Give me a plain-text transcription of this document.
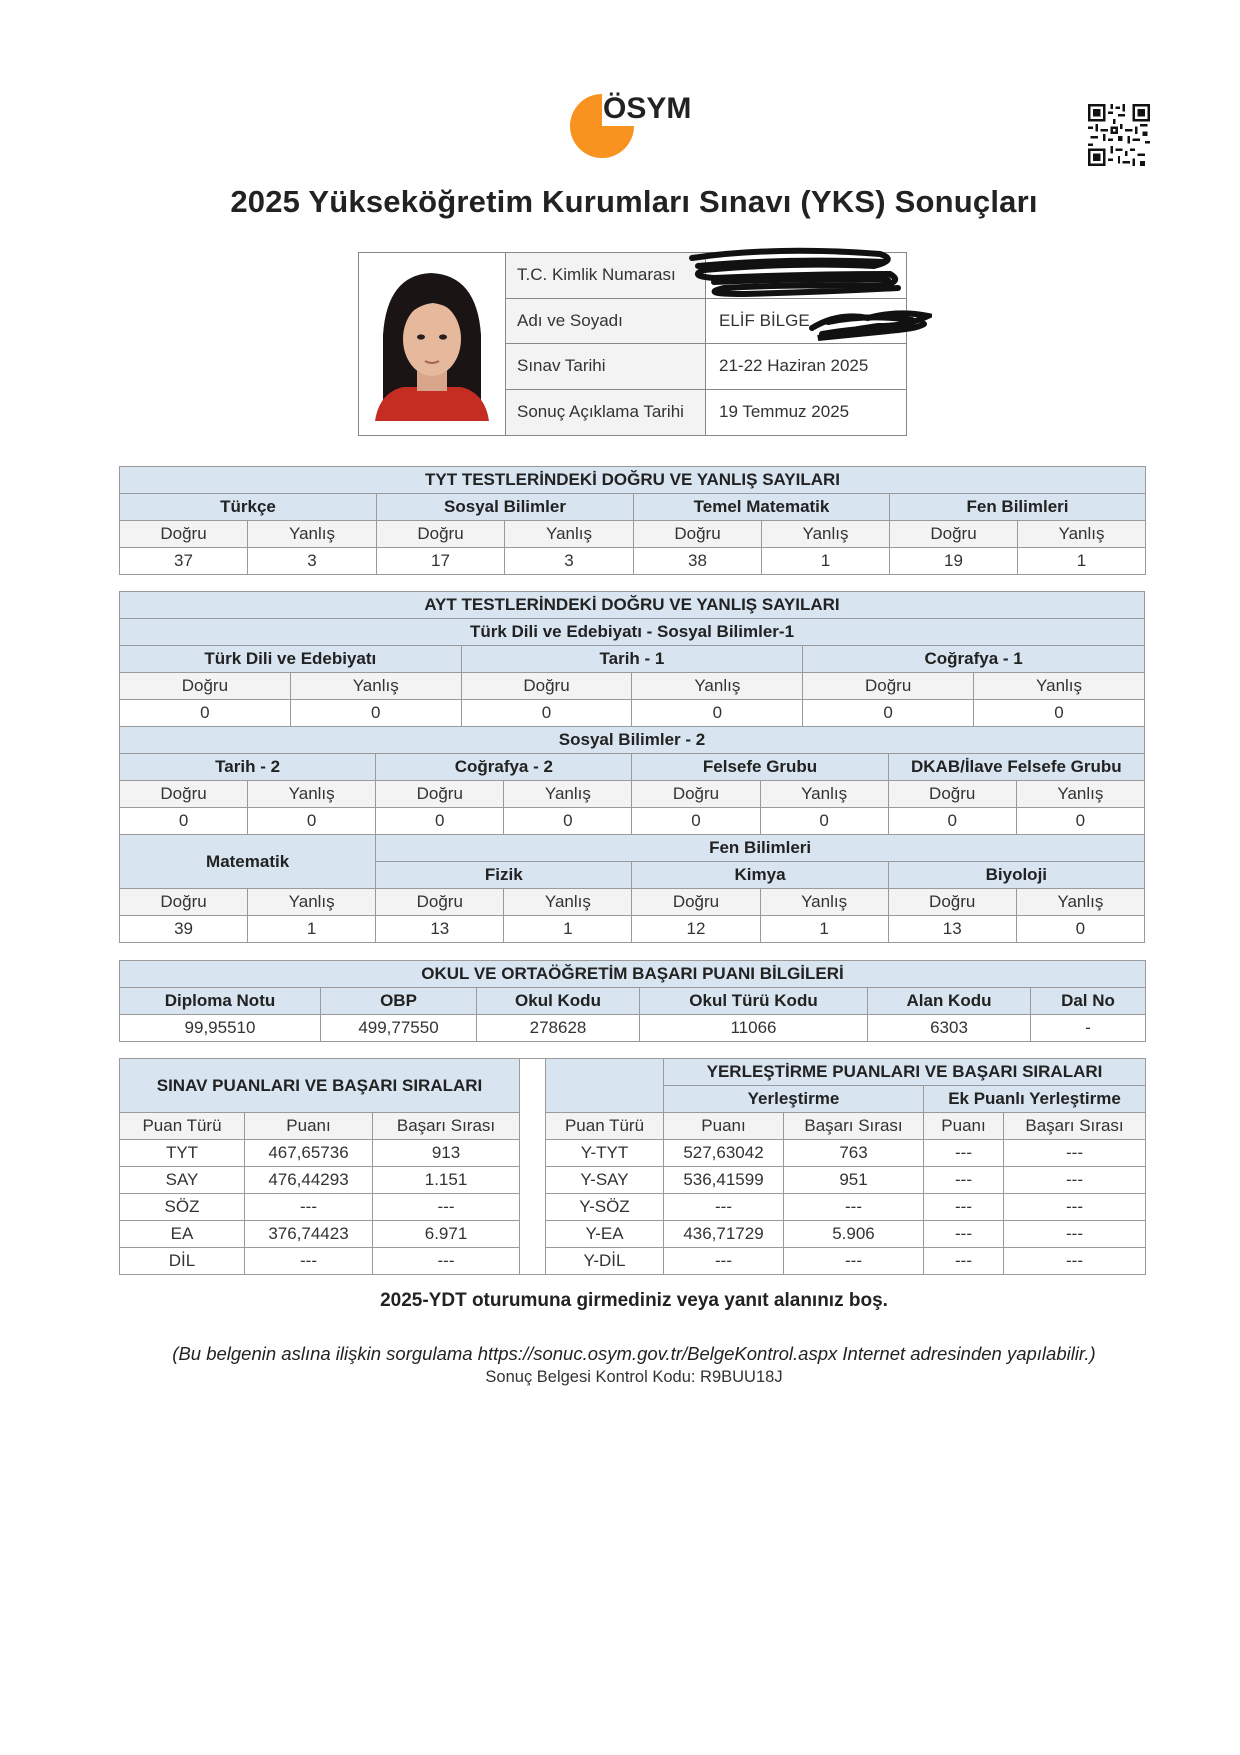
ÖSYM
2025 Yükseköğretim Kurumları Sınavı (YKS) Sonuçları
T.C. Kimlik Numarası
Adı ve Soyadı	ELİF BİLGE
Sınav Tarihi	21-22 Haziran 2025
Sonuç Açıklama Tarihi	19 Temmuz 2025
TYT TESTLERİNDEKİ DOĞRU VE YANLIŞ SAYILARI							
Türkçe		Sosyal Bilimler		Temel Matematik		Fen Bilimleri	
Doğru	Yanlış	Doğru	Yanlış	Doğru	Yanlış	Doğru	Yanlış
37	3	17	3	38	1	19	1
AYT TESTLERİNDEKİ DOĞRU VE YANLIŞ SAYILARI											
Türk Dili ve Edebiyatı - Sosyal Bilimler-1											
Türk Dili ve Edebiyatı				Tarih - 1				Coğrafya - 1			
Doğru		Yanlış		Doğru		Yanlış		Doğru		Yanlış	
0		0		0		0		0		0	
Sosyal Bilimler - 2											
Tarih - 2			Coğrafya - 2			Felsefe Grubu			DKAB/İlave Felsefe Grubu		
Doğru	Yanlış		Doğru		Yanlış	Doğru	Yanlış		Doğru		Yanlış
0	0		0		0	0	0		0		0
Matematik			Fen Bilimleri								
			Fizik			Kimya			Biyoloji		
Doğru	Yanlış		Doğru		Yanlış	Doğru	Yanlış		Doğru		Yanlış
39	1		13		1	12	1		13		0
OKUL VE ORTAÖĞRETİM BAŞARI PUANI BİLGİLERİ					
Diploma Notu	OBP	Okul Kodu	Okul Türü Kodu	Alan Kodu	Dal No
99,95510	499,77550	278628	11066	6303	-
SINAV PUANLARI VE BAŞARI SIRALARI		
Puan Türü	Puanı	Başarı Sırası
TYT	467,65736	913
SAY	476,44293	1.151
SÖZ	---	---
EA	376,74423	6.971
DİL	---	---
	YERLEŞTİRME PUANLARI VE BAŞARI SIRALARI			
	Yerleştirme		Ek Puanlı Yerleştirme	
Puan Türü	Puanı	Başarı Sırası	Puanı	Başarı Sırası
Y-TYT	527,63042	763	---	---
Y-SAY	536,41599	951	---	---
Y-SÖZ	---	---	---	---
Y-EA	436,71729	5.906	---	---
Y-DİL	---	---	---	---
2025-YDT oturumuna girmediniz veya yanıt alanınız boş.
(Bu belgenin aslına ilişkin sorgulama https://sonuc.osym.gov.tr/BelgeKontrol.aspx Internet adresinden yapılabilir.)
Sonuç Belgesi Kontrol Kodu: R9BUU18J
